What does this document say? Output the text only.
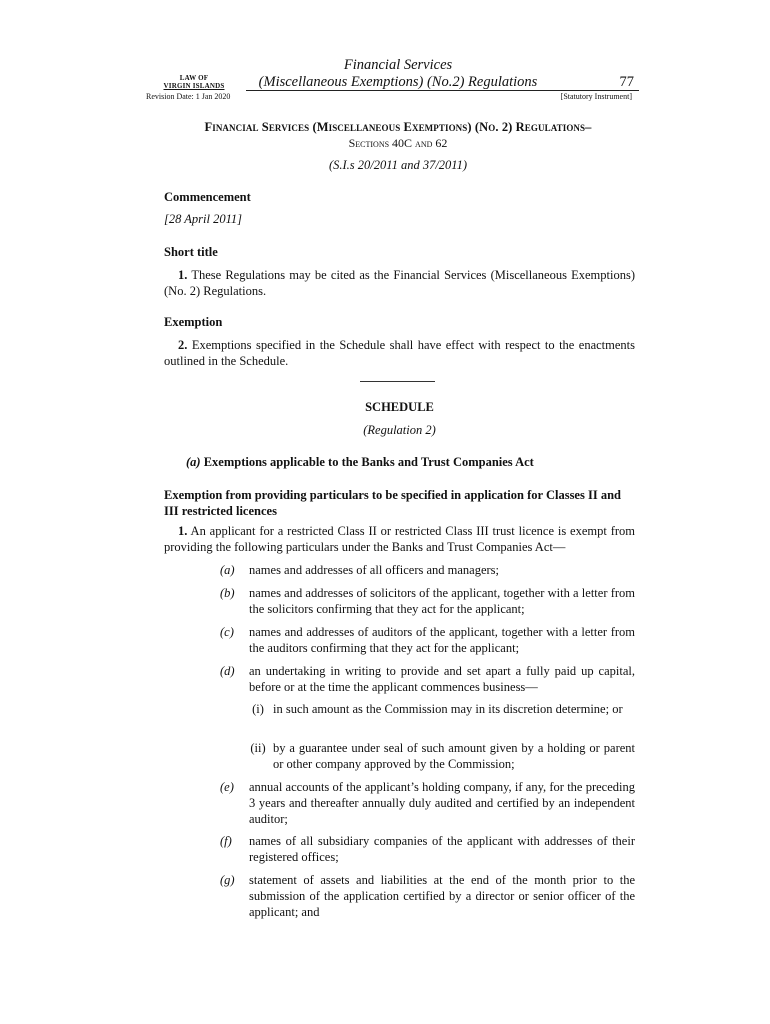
LAW OF
VIRGIN ISLANDS
Financial Services
(Miscellaneous Exemptions) (No.2) Regulations	77
Revision Date: 1 Jan 2020	[Statutory Instrument]
Financial Services (Miscellaneous Exemptions) (No. 2) Regulations–
Sections 40C and 62
(S.I.s 20/2011 and 37/2011)
Commencement
[28 April 2011]
Short title
1. These Regulations may be cited as the Financial Services (Miscellaneous Exemptions) (No. 2) Regulations.
Exemption
2. Exemptions specified in the Schedule shall have effect with respect to the enactments outlined in the Schedule.
SCHEDULE
(Regulation 2)
(a) Exemptions applicable to the Banks and Trust Companies Act
Exemption from providing particulars to be specified in application for Classes II and III restricted licences
1. An applicant for a restricted Class II or restricted Class III trust licence is exempt from providing the following particulars under the Banks and Trust Companies Act—
(a)	names and addresses of all officers and managers;
(b)	names and addresses of solicitors of the applicant, together with a letter from the solicitors confirming that they act for the applicant;
(c)	names and addresses of auditors of the applicant, together with a letter from the auditors confirming that they act for the applicant;
(d)	an undertaking in writing to provide and set apart a fully paid up capital, before or at the time the applicant commences business—
(i) in such amount as the Commission may in its discretion determine; or
(ii) by a guarantee under seal of such amount given by a holding or parent or other company approved by the Commission;
(e)	annual accounts of the applicant’s holding company, if any, for the preceding 3 years and thereafter annually duly audited and certified by an independent auditor;
(f)	names of all subsidiary companies of the applicant with addresses of their registered offices;
(g)	statement of assets and liabilities at the end of the month prior to the submission of the application certified by a director or senior officer of the applicant; and
